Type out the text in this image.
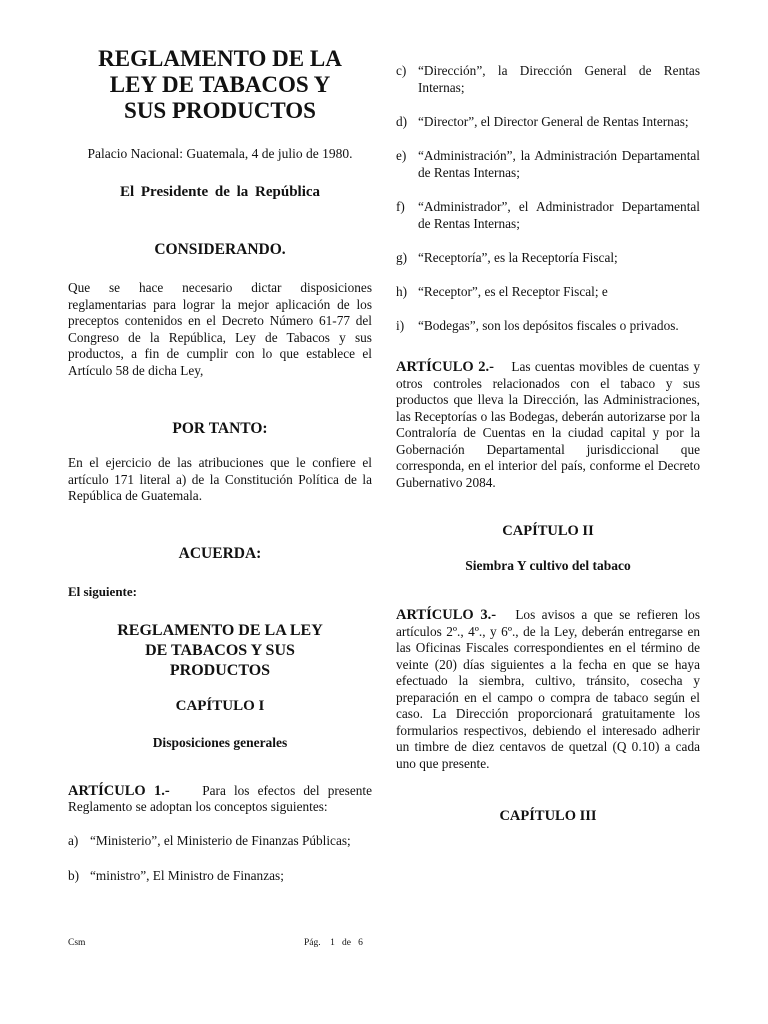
REGLAMENTO DE LA
LEY DE TABACOS Y
SUS PRODUCTOS
Palacio Nacional: Guatemala, 4 de julio de 1980.
El Presidente de la República
CONSIDERANDO.
Que se hace necesario dictar disposiciones reglamentarias para lograr la mejor aplicación de los preceptos contenidos en el Decreto Número 61-77 del Congreso de la República, Ley de Tabacos y sus productos, a fin de cumplir con lo que establece el Artículo 58 de dicha Ley,
POR TANTO:
En el ejercicio de las atribuciones que le confiere el artículo 171 literal a) de la Constitución Política de la República de Guatemala.
ACUERDA:
El siguiente:
REGLAMENTO DE LA LEY
DE TABACOS Y SUS
PRODUCTOS
CAPÍTULO I
Disposiciones generales
ARTÍCULO 1.- Para los efectos del presente Reglamento se adoptan los conceptos siguientes:
a) “Ministerio”, el Ministerio de Finanzas Públicas;
b) “ministro”, El Ministro de Finanzas;
c) “Dirección”, la Dirección General de Rentas Internas;
d) “Director”, el Director General de Rentas Internas;
e) “Administración”, la Administración Departamental de Rentas Internas;
f) “Administrador”, el Administrador Departamental de Rentas Internas;
g) “Receptoría”, es la Receptoría Fiscal;
h) “Receptor”, es el Receptor Fiscal; e
i)	“Bodegas”, son los depósitos fiscales o privados.
ARTÍCULO 2.- Las cuentas movibles de cuentas y otros controles relacionados con el tabaco y sus productos que lleva la Dirección, las Administraciones, las Receptorías o las Bodegas, deberán autorizarse por la Contraloría de Cuentas en la ciudad capital y por la Gobernación Departamental jurisdiccional que corresponda, en el interior del país, conforme el Decreto Gubernativo 2084.
CAPÍTULO II
Siembra Y cultivo del tabaco
ARTÍCULO 3.- Los avisos a que se refieren los artículos 2º., 4º., y 6º., de la Ley, deberán entregarse en las Oficinas Fiscales correspondientes en el término de veinte (20) días siguientes a la fecha en que se haya efectuado la siembra, cultivo, tránsito, cosecha y preparación en el campo o compra de tabaco según el caso. La Dirección proporcionará gratuitamente los formularios respectivos, debiendo el interesado adherir un timbre de diez centavos de quetzal (Q 0.10) a cada uno que presente.
CAPÍTULO III
Csm	Pág. 1 de 6
